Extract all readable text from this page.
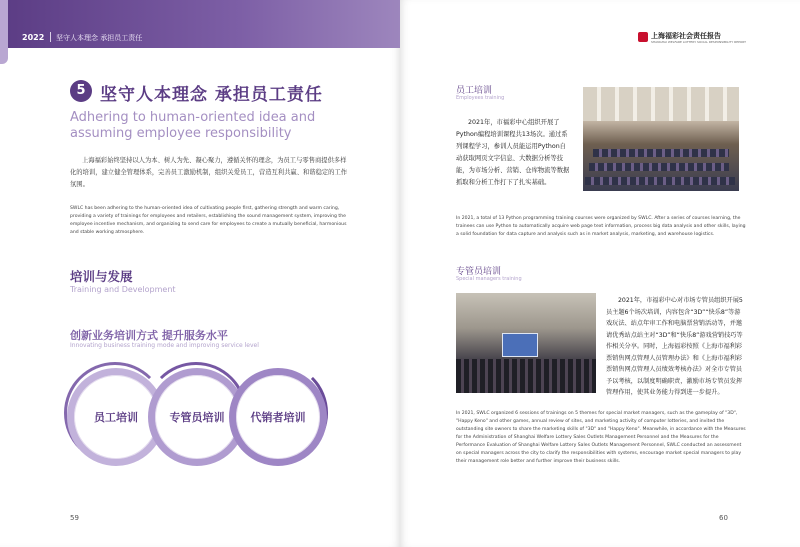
2022 坚守人本理念 承担员工责任
5 坚守人本理念 承担员工责任
Adhering to human-oriented idea and assuming employee responsibility
上海福彩始终坚持以人为本、树人为先、凝心聚力，遵循关怀的理念，为员工与零售商提供多样化的培训，建立健全管理体系，完善员工激励机制，组织关爱员工，营造互利共赢、和谐稳定的工作氛围。
SWLC has been adhering to the human-oriented idea of cultivating people first, gathering strength and warm caring, providing a variety of trainings for employees and retailers, establishing the sound management system, improving the employee incentive mechanism, and organizing to send care for employees to create a mutually beneficial, harmonious and stable working atmosphere.
培训与发展
Training and Development
创新业务培训方式 提升服务水平
Innovating business training mode and improving service level
员工培训	专管员培训	代销者培训
59
上海福彩社会责任报告
SHANGHAI WELFARE LOTTERY SOCIAL RESPONSIBILITY REPORT
员工培训
Employees training
2021年，市福彩中心组织开展了Python编程培训课程共13场次。通过系列课程学习，参训人员能运用Python自动获取网页文字信息、大数据分析等技能，为市场分析、营销、仓库物流等数据抓取和分析工作打下了扎实基础。
In 2021, a total of 13 Python programming training courses were organized by SWLC. After a series of courses learning, the trainees can use Python to automatically acquire web page text information, process big data analysis and other skills, laying a solid foundation for data capture and analysis such as in market analysis, marketing, and warehouse logistics.
专管员培训
Special managers training
2021年，市福彩中心对市场专管员组织开展5员主题6个场次培训，内容包含“3D”“快乐8”等游戏玩法、站点年审工作和电脑票营销活动等，并邀请优秀站点站主对“3D”和“快乐8”游戏营销技巧等作相关分享。同时，上海福彩按照《上海市福利彩票销售网点管理人员管理办法》和《上海市福利彩票销售网点管理人员绩效考核办法》对全市专管员予以考核，以制度明确职责，激励市场专管员发挥管理作用，使其业务能力得到进一步提升。
In 2021, SWLC organized 6 sessions of trainings on 5 themes for special market managers, such as the gameplay of "3D", "Happy Keno" and other games, annual review of sites, and marketing activity of computer lotteries, and invited the outstanding site owners to share the marketing skills of "3D" and "Happy Keno". Meanwhile, in accordance with the Measures for the Administration of Shanghai Welfare Lottery Sales Outlets Management Personnel and the Measures for the Performance Evaluation of Shanghai Welfare Lottery Sales Outlets Management Personnel, SWLC conducted an assessment on special managers across the city to clarify the responsibilities with systems, encourage market special managers to play their management role better and further improve their business skills.
60
